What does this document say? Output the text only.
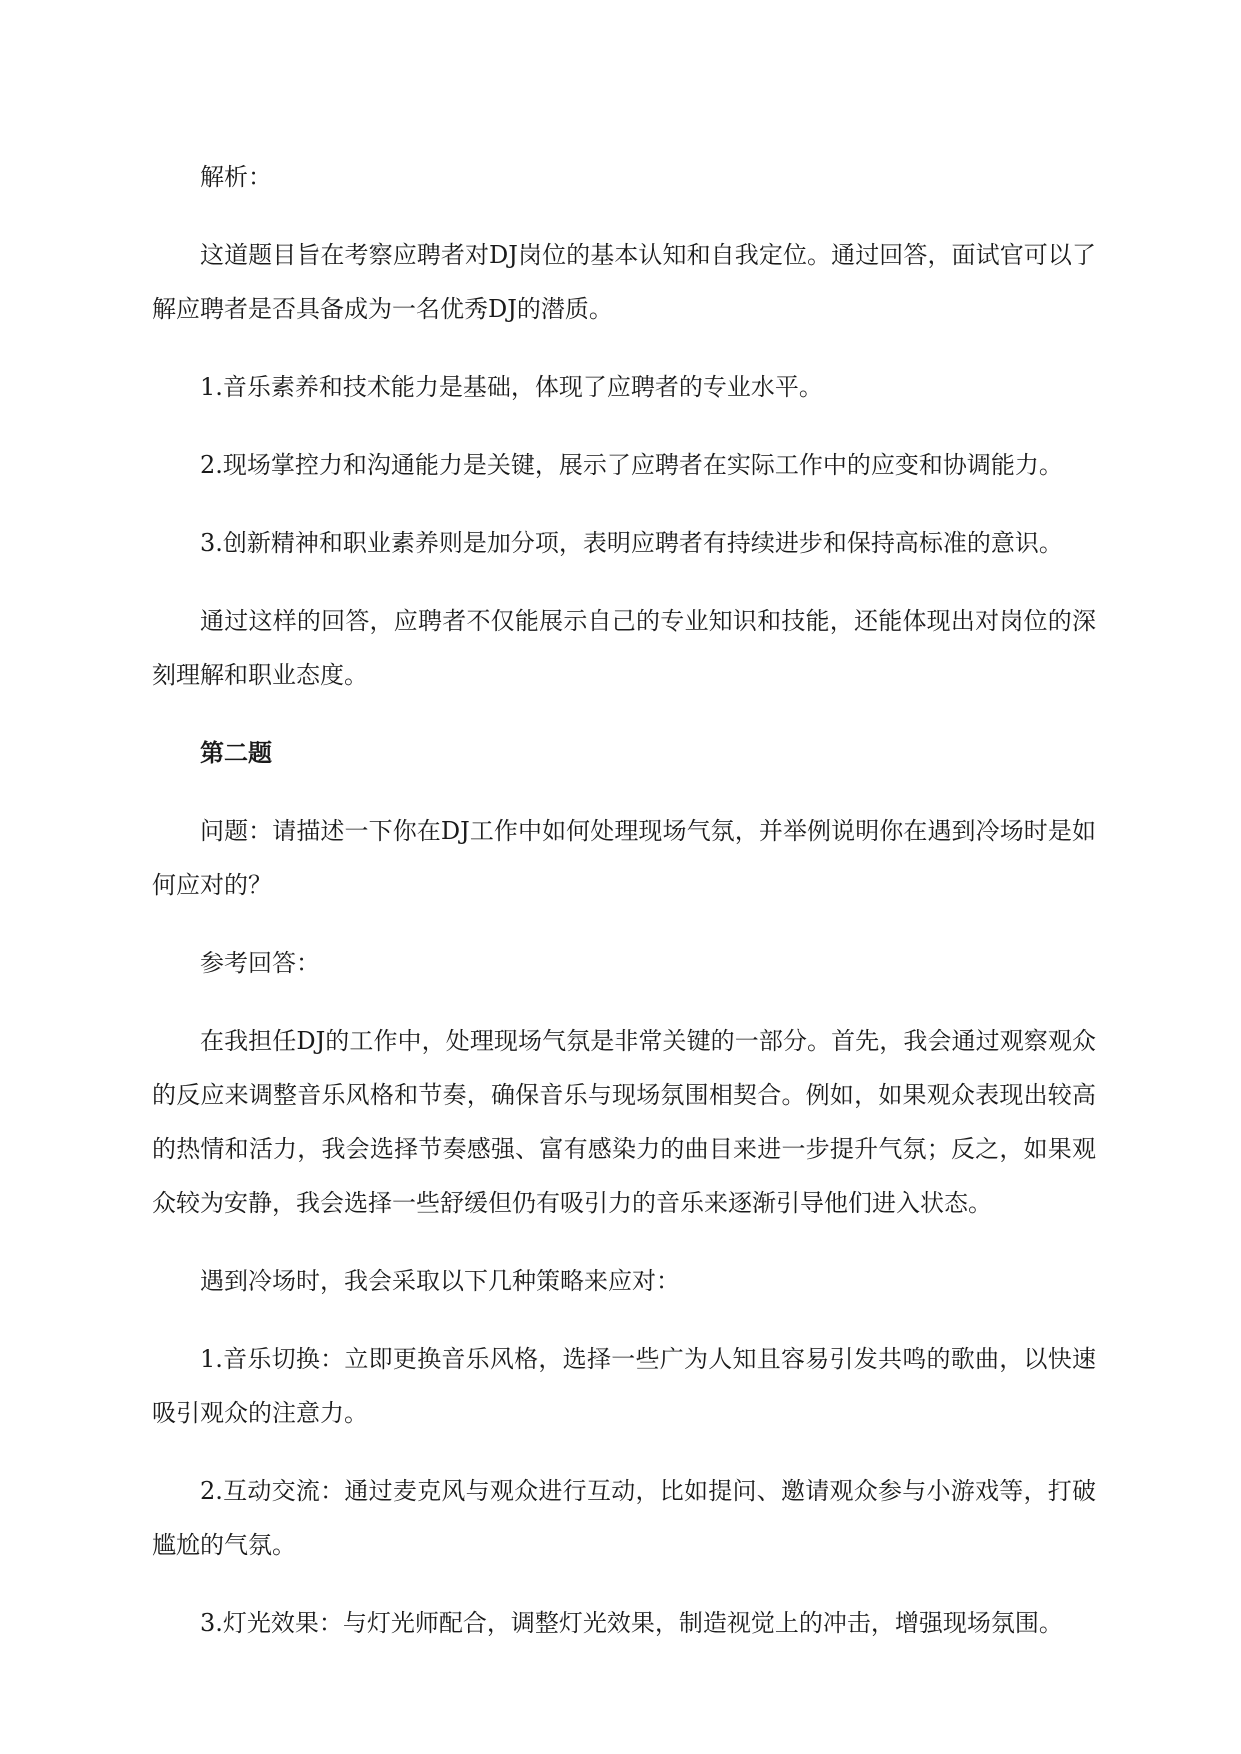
解析：

这道题目旨在考察应聘者对DJ岗位的基本认知和自我定位。通过回答，面试官可以了解应聘者是否具备成为一名优秀DJ的潜质。

1.音乐素养和技术能力是基础，体现了应聘者的专业水平。

2.现场掌控力和沟通能力是关键，展示了应聘者在实际工作中的应变和协调能力。

3.创新精神和职业素养则是加分项，表明应聘者有持续进步和保持高标准的意识。

通过这样的回答，应聘者不仅能展示自己的专业知识和技能，还能体现出对岗位的深刻理解和职业态度。

第二题

问题：请描述一下你在DJ工作中如何处理现场气氛，并举例说明你在遇到冷场时是如何应对的？

参考回答：

在我担任DJ的工作中，处理现场气氛是非常关键的一部分。首先，我会通过观察观众的反应来调整音乐风格和节奏，确保音乐与现场氛围相契合。例如，如果观众表现出较高的热情和活力，我会选择节奏感强、富有感染力的曲目来进一步提升气氛；反之，如果观众较为安静，我会选择一些舒缓但仍有吸引力的音乐来逐渐引导他们进入状态。

遇到冷场时，我会采取以下几种策略来应对：

1.音乐切换：立即更换音乐风格，选择一些广为人知且容易引发共鸣的歌曲，以快速吸引观众的注意力。

2.互动交流：通过麦克风与观众进行互动，比如提问、邀请观众参与小游戏等，打破尴尬的气氛。

3.灯光效果：与灯光师配合，调整灯光效果，制造视觉上的冲击，增强现场氛围。
